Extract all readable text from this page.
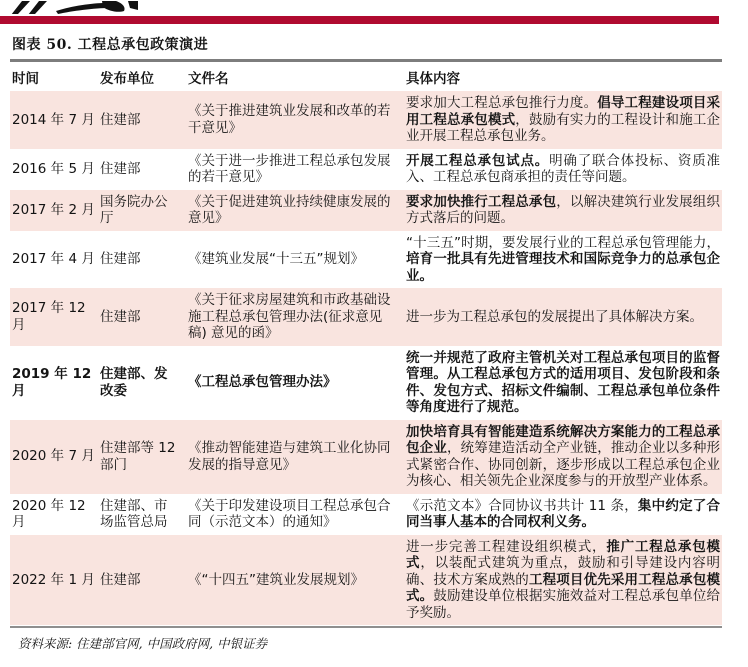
图表 50. 工程总承包政策演进
时间	发布单位	文件名	具体内容
2014 年 7 月	住建部	《关于推进建筑业发展和改革的若干意见》	要求加大工程总承包推行力度。倡导工程建设项目采用工程总承包模式，鼓励有实力的工程设计和施工企业开展工程总承包业务。
2016 年 5 月	住建部	《关于进一步推进工程总承包发展的若干意见》	开展工程总承包试点。明确了联合体投标、资质准入、工程总承包商承担的责任等问题。
2017 年 2 月	国务院办公厅	《关于促进建筑业持续健康发展的意见》	要求加快推行工程总承包，以解决建筑行业发展组织方式落后的问题。
2017 年 4 月	住建部	《建筑业发展“十三五”规划》	“十三五”时期，要发展行业的工程总承包管理能力，培育一批具有先进管理技术和国际竞争力的总承包企业。
2017 年 12 月	住建部	《关于征求房屋建筑和市政基础设施工程总承包管理办法(征求意见稿) 意见的函》	进一步为工程总承包的发展提出了具体解决方案。
2019 年 12 月	住建部、发改委	《工程总承包管理办法》	统一并规范了政府主管机关对工程总承包项目的监督管理。从工程总承包方式的适用项目、发包阶段和条件、发包方式、招标文件编制、工程总承包单位条件等角度进行了规范。
2020 年 7 月	住建部等 12 部门	《推动智能建造与建筑工业化协同发展的指导意见》	加快培育具有智能建造系统解决方案能力的工程总承包企业，统筹建造活动全产业链，推动企业以多种形式紧密合作、协同创新，逐步形成以工程总承包企业为核心、相关领先企业深度参与的开放型产业体系。
2020 年 12 月	住建部、市场监管总局	《关于印发建设项目工程总承包合同（示范文本）的通知》	《示范文本》合同协议书共计 11 条，集中约定了合同当事人基本的合同权利义务。
2022 年 1 月	住建部	《“十四五”建筑业发展规划》	进一步完善工程建设组织模式，推广工程总承包模式，以装配式建筑为重点，鼓励和引导建设内容明确、技术方案成熟的工程项目优先采用工程总承包模式。鼓励建设单位根据实施效益对工程总承包单位给予奖励。
资料来源: 住建部官网, 中国政府网, 中银证券
